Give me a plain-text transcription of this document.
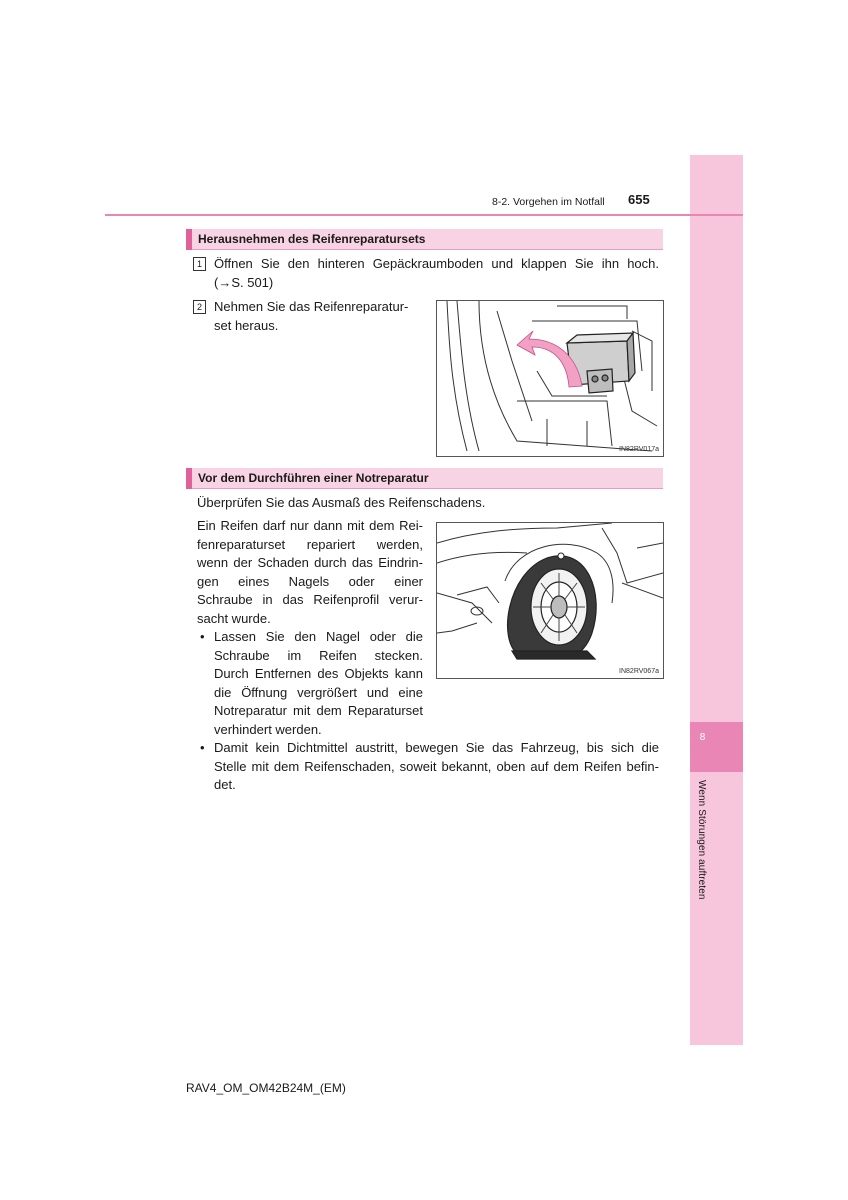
8
Wenn Störungen auftreten
8-2. Vorgehen im Notfall 655
Herausnehmen des Reifenreparatursets
1 Öffnen Sie den hinteren Gepäckraumboden und klappen Sie ihn hoch.
(→S. 501)
2 Nehmen Sie das Reifenreparatur-
set heraus.
IN82RV017a
Vor dem Durchführen einer Notreparatur
Überprüfen Sie das Ausmaß des Reifenschadens.
Ein Reifen darf nur dann mit dem Rei-
fenreparaturset repariert werden,
wenn der Schaden durch das Eindrin-
gen eines Nagels oder einer
Schraube in das Reifenprofil verur-
sacht wurde.
• Lassen Sie den Nagel oder die
Schraube im Reifen stecken.
Durch Entfernen des Objekts kann
die Öffnung vergrößert und eine
Notreparatur mit dem Reparaturset
verhindert werden.
• Damit kein Dichtmittel austritt, bewegen Sie das Fahrzeug, bis sich die
Stelle mit dem Reifenschaden, soweit bekannt, oben auf dem Reifen befin-
det.
IN82RV067a
RAV4_OM_OM42B24M_(EM)
